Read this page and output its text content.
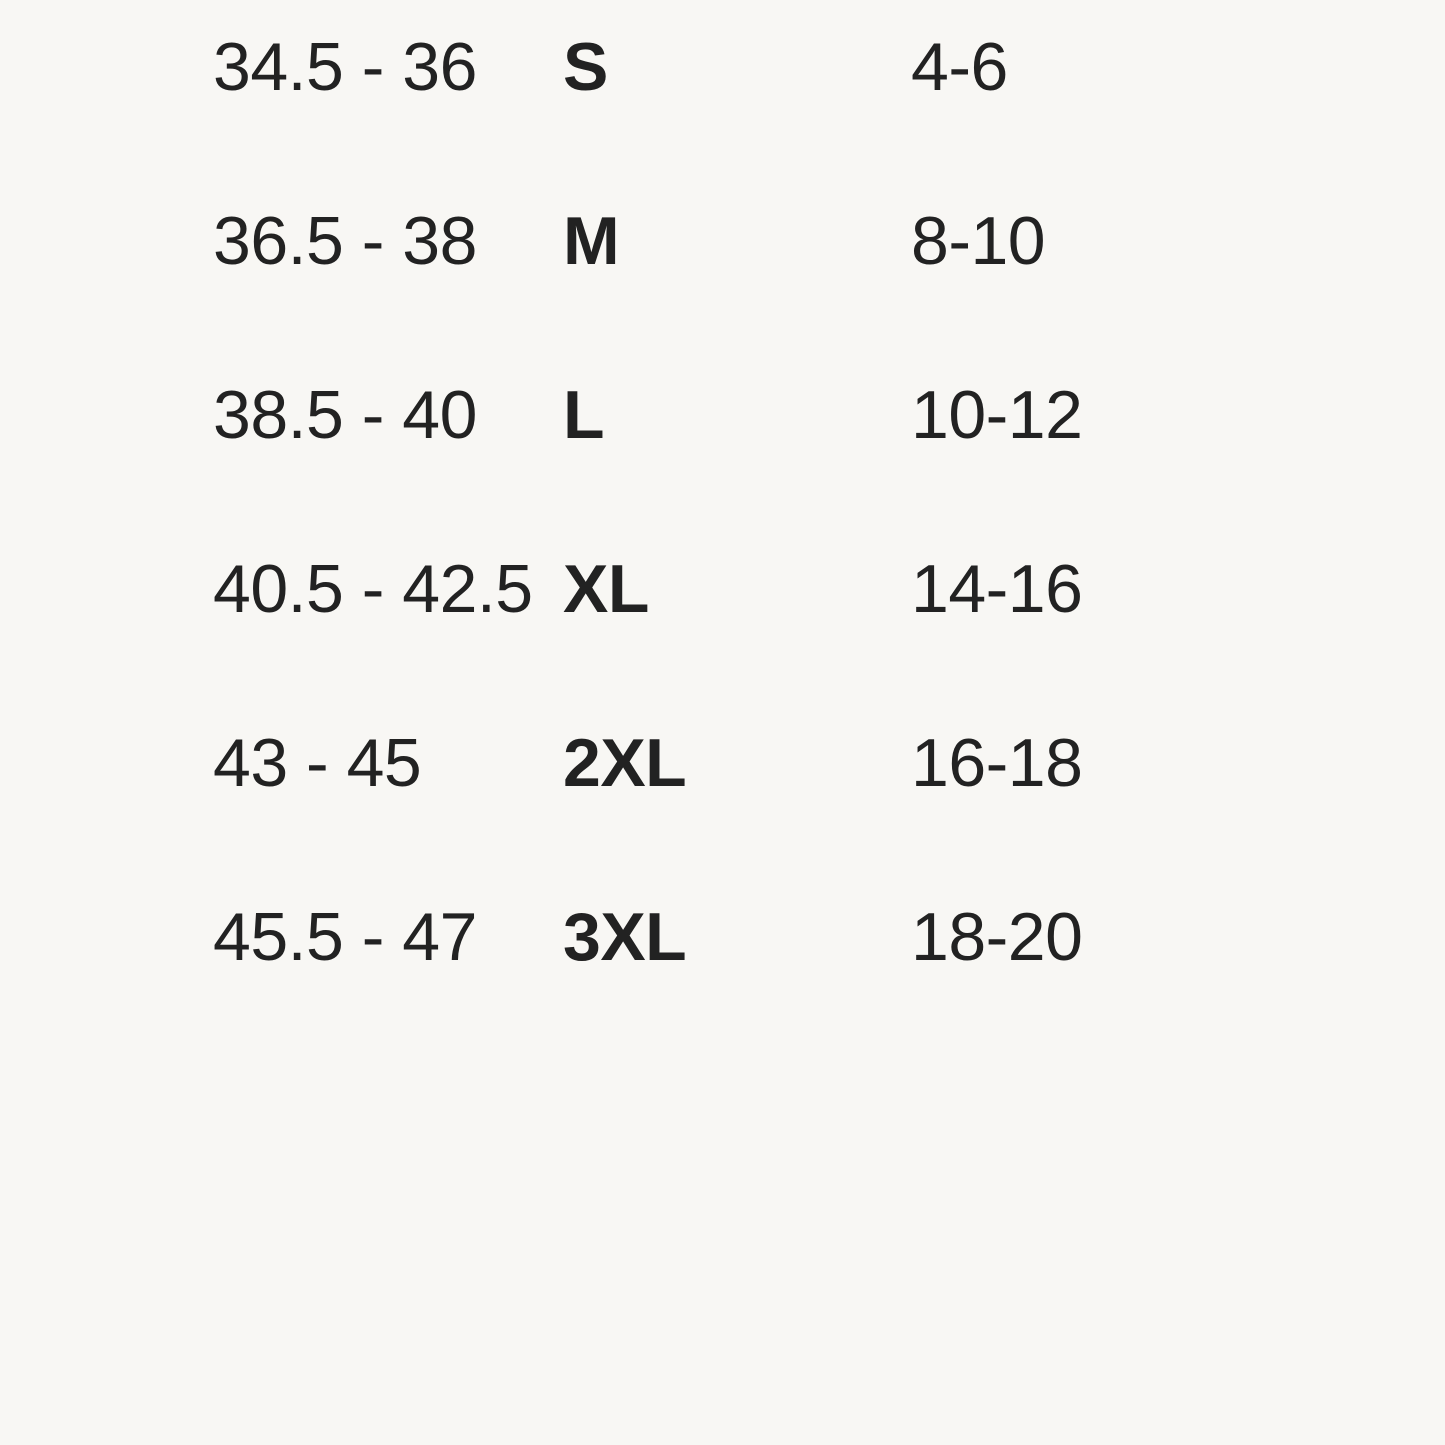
34.5 - 36	S	4-6
36.5 - 38	M	8-10
38.5 - 40	L	10-12
40.5 - 42.5	XL	14-16
43 - 45	2XL	16-18
45.5 - 47	3XL	18-20
